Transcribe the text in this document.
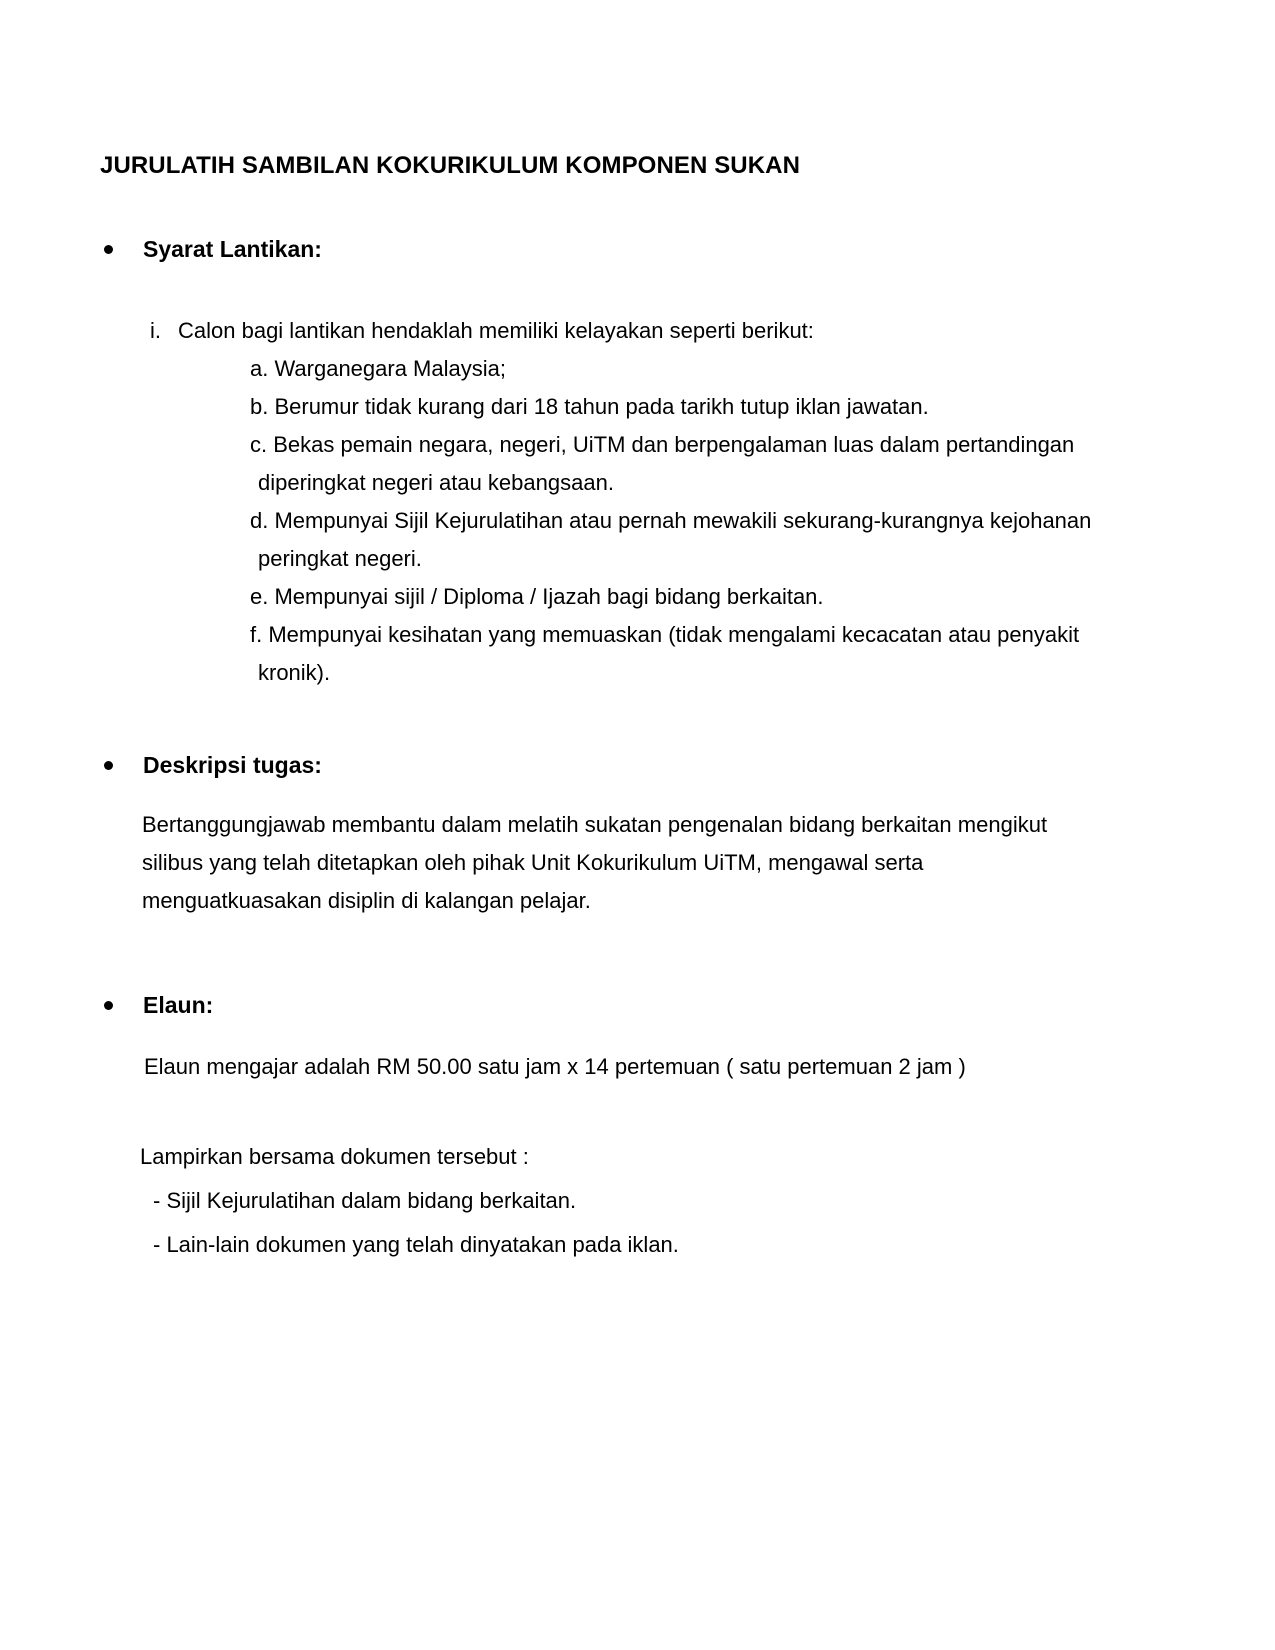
JURULATIH SAMBILAN KOKURIKULUM KOMPONEN SUKAN
Syarat Lantikan:
i. Calon bagi lantikan hendaklah memiliki kelayakan seperti berikut:
a. Warganegara Malaysia;
b. Berumur tidak kurang dari 18 tahun pada tarikh tutup iklan jawatan.
c. Bekas pemain negara, negeri, UiTM dan berpengalaman luas dalam pertandingan
diperingkat negeri atau kebangsaan.
d. Mempunyai Sijil Kejurulatihan atau pernah mewakili sekurang-kurangnya kejohanan
peringkat negeri.
e. Mempunyai sijil / Diploma / Ijazah bagi bidang berkaitan.
f. Mempunyai kesihatan yang memuaskan (tidak mengalami kecacatan atau penyakit
kronik).
Deskripsi tugas:
Bertanggungjawab membantu dalam melatih sukatan pengenalan bidang berkaitan mengikut
silibus yang telah ditetapkan oleh pihak Unit Kokurikulum UiTM, mengawal serta
menguatkuasakan disiplin di kalangan pelajar.
Elaun:
Elaun mengajar adalah RM 50.00 satu jam x 14 pertemuan ( satu pertemuan 2 jam )
Lampirkan bersama dokumen tersebut :
- Sijil Kejurulatihan dalam bidang berkaitan.
- Lain-lain dokumen yang telah dinyatakan pada iklan.
